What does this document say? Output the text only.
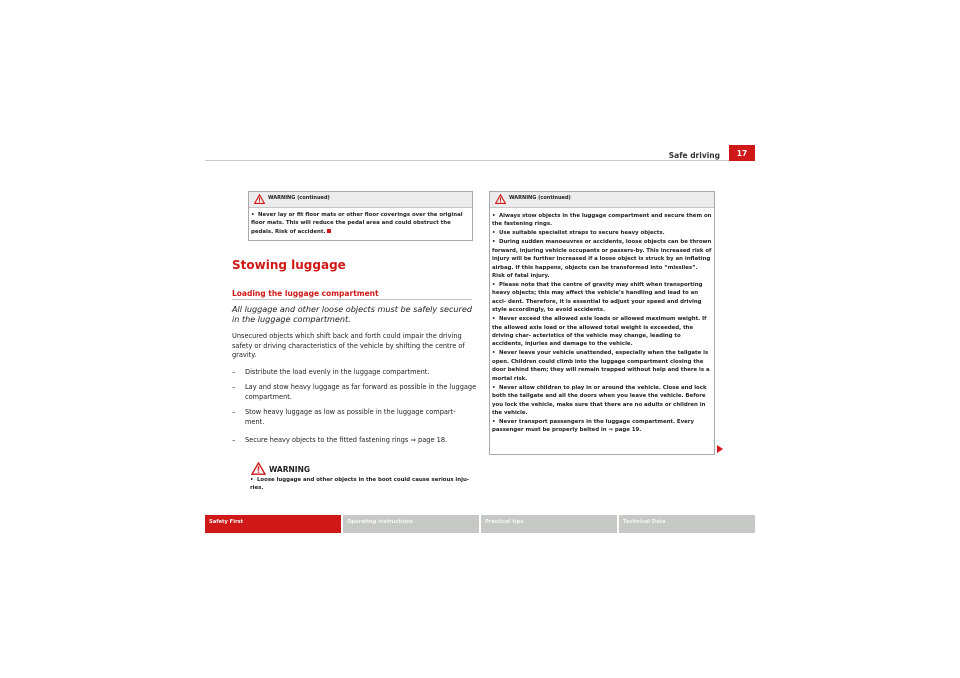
Safe driving	17
WARNING (continued)
• Never lay or fit floor mats or other floor coverings over the original floor mats. This will reduce the pedal area and could obstruct the pedals. Risk of accident.
Stowing luggage
Loading the luggage compartment
All luggage and other loose objects must be safely secured in the luggage compartment.
Unsecured objects which shift back and forth could impair the driving safety or driving characteristics of the vehicle by shifting the centre of gravity.
–	Distribute the load evenly in the luggage compartment.
–	Lay and stow heavy luggage as far forward as possible in the luggage compartment.
–	Stow heavy luggage as low as possible in the luggage compart- ment.
–	Secure heavy objects to the fitted fastening rings ⇒ page 18.
WARNING
• Loose luggage and other objects in the boot could cause serious inju- ries.
WARNING (continued)
• Always stow objects in the luggage compartment and secure them on the fastening rings.
• Use suitable specialist straps to secure heavy objects.
• During sudden manoeuvres or accidents, loose objects can be thrown forward, injuring vehicle occupants or passers-by. This increased risk of injury will be further increased if a loose object is struck by an inflating airbag. If this happens, objects can be transformed into “missiles”. Risk of fatal injury.
• Please note that the centre of gravity may shift when transporting heavy objects; this may affect the vehicle’s handling and lead to an acci- dent. Therefore, it is essential to adjust your speed and driving style accordingly, to avoid accidents.
• Never exceed the allowed axle loads or allowed maximum weight. If the allowed axle load or the allowed total weight is exceeded, the driving char- acteristics of the vehicle may change, leading to accidents, injuries and damage to the vehicle.
• Never leave your vehicle unattended, especially when the tailgate is open. Children could climb into the luggage compartment closing the door behind them; they will remain trapped without help and there is a mortal risk.
• Never allow children to play in or around the vehicle. Close and lock both the tailgate and all the doors when you leave the vehicle. Before you lock the vehicle, make sure that there are no adults or children in the vehicle.
• Never transport passengers in the luggage compartment. Every passenger must be properly belted in ⇒ page 19.
Safety First	Operating instructions	Practical tips	Technical Data
